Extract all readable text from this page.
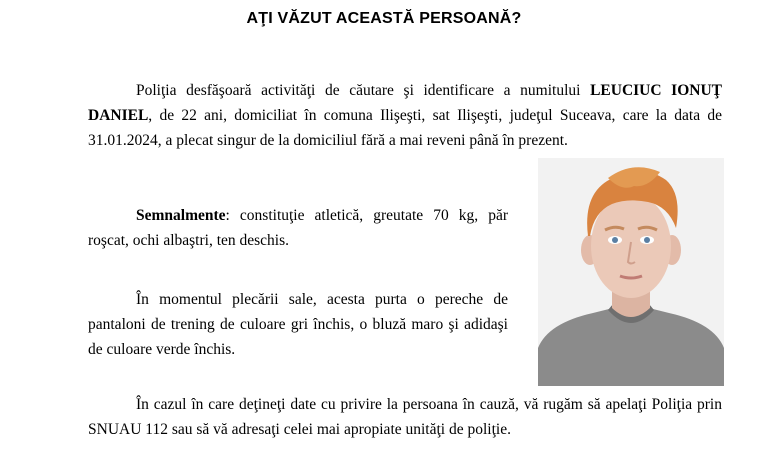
AŢI VĂZUT ACEASTĂ PERSOANĂ?

Poliţia desfăşoară activităţi de căutare şi identificare a numitului LEUCIUC IONUŢ DANIEL, de 22 ani, domiciliat în comuna Ilişeşti, sat Ilişeşti, judeţul Suceava, care la data de 31.01.2024, a plecat singur de la domiciliul fără a mai reveni până în prezent.

Semnalmente: constituţie atletică, greutate 70 kg, păr roşcat, ochi albaştri, ten deschis.

În momentul plecării sale, acesta purta o pereche de pantaloni de trening de culoare gri închis, o bluză maro şi adidaşi de culoare verde închis.

În cazul în care deţineţi date cu privire la persoana în cauză, vă rugăm să apelaţi Poliţia prin SNUAU 112 sau să vă adresaţi celei mai apropiate unităţi de poliţie.
